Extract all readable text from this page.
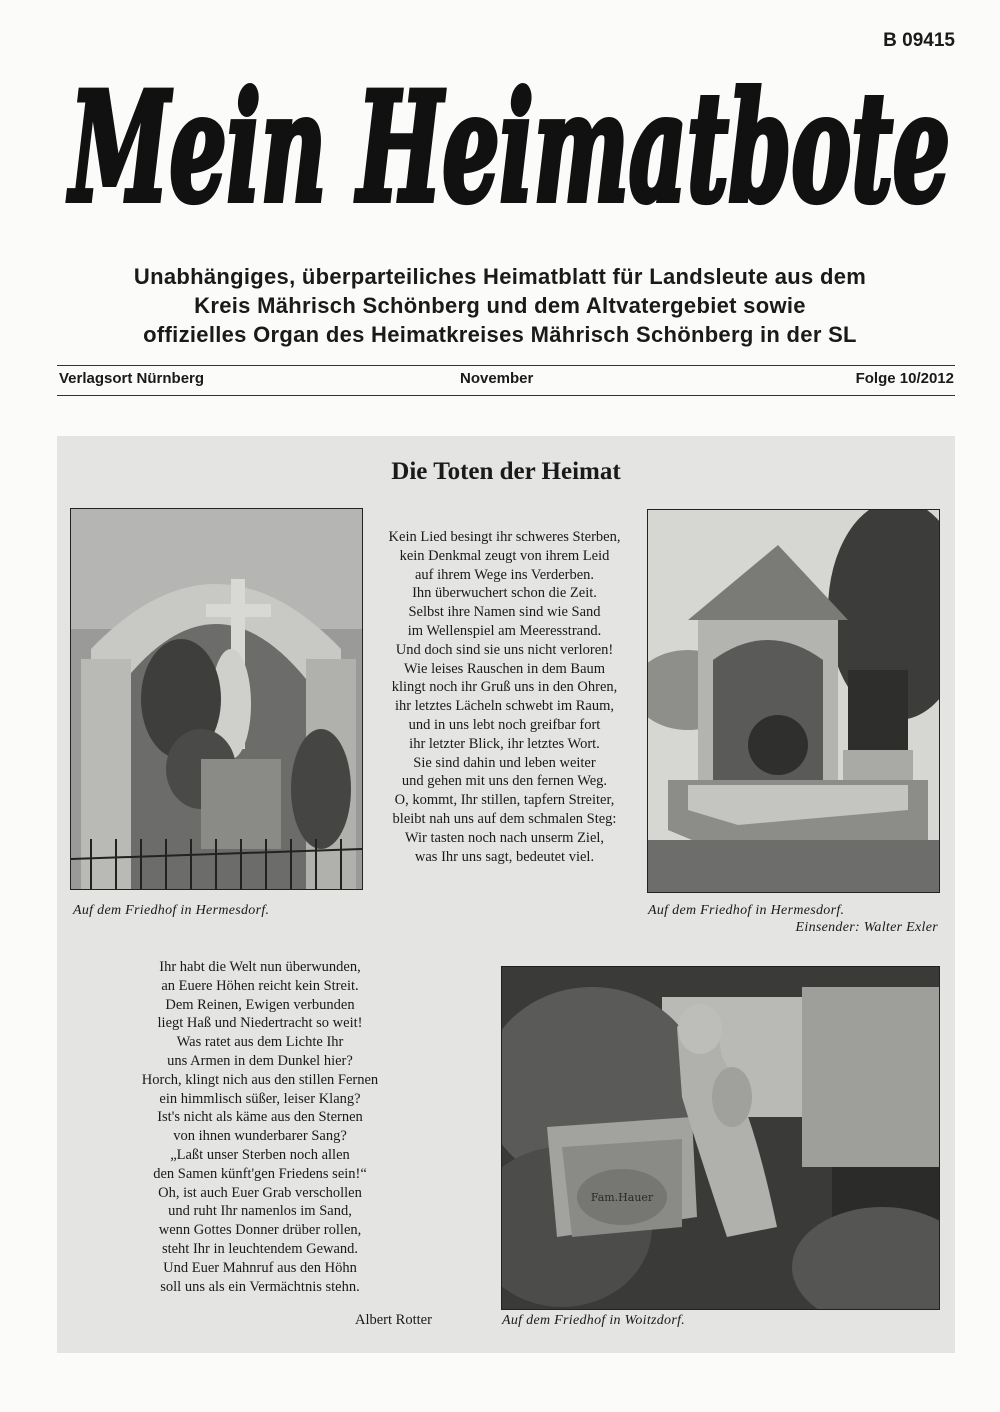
B 09415
Mein Heimatbote
Unabhängiges, überparteiliches Heimatblatt für Landsleute aus dem
Kreis Mährisch Schönberg und dem Altvatergebiet sowie
offizielles Organ des Heimatkreises Mährisch Schönberg in der SL
Verlagsort Nürnberg	November	Folge 10/2012
Die Toten der Heimat
Fam.Hauer
Auf dem Friedhof in Hermesdorf.	Auf dem Friedhof in Hermesdorf.
Einsender: Walter Exler
Auf dem Friedhof in Woitzdorf.
Kein Lied besingt ihr schweres Sterben,
kein Denkmal zeugt von ihrem Leid
auf ihrem Wege ins Verderben.
Ihn überwuchert schon die Zeit.
Selbst ihre Namen sind wie Sand
im Wellenspiel am Meeresstrand.
Und doch sind sie uns nicht verloren!
Wie leises Rauschen in dem Baum
klingt noch ihr Gruß uns in den Ohren,
ihr letztes Lächeln schwebt im Raum,
und in uns lebt noch greifbar fort
ihr letzter Blick, ihr letztes Wort.
Sie sind dahin und leben weiter
und gehen mit uns den fernen Weg.
O, kommt, Ihr stillen, tapfern Streiter,
bleibt nah uns auf dem schmalen Steg:
Wir tasten noch nach unserm Ziel,
was Ihr uns sagt, bedeutet viel.
Ihr habt die Welt nun überwunden,
an Euere Höhen reicht kein Streit.
Dem Reinen, Ewigen verbunden
liegt Haß und Niedertracht so weit!
Was ratet aus dem Lichte Ihr
uns Armen in dem Dunkel hier?
Horch, klingt nich aus den stillen Fernen
ein himmlisch süßer, leiser Klang?
Ist's nicht als käme aus den Sternen
von ihnen wunderbarer Sang?
„Laßt unser Sterben noch allen
den Samen künft'gen Friedens sein!“
Oh, ist auch Euer Grab verschollen
und ruht Ihr namenlos im Sand,
wenn Gottes Donner drüber rollen,
steht Ihr in leuchtendem Gewand.
Und Euer Mahnruf aus den Höhn
soll uns als ein Vermächtnis stehn.
Albert Rotter
